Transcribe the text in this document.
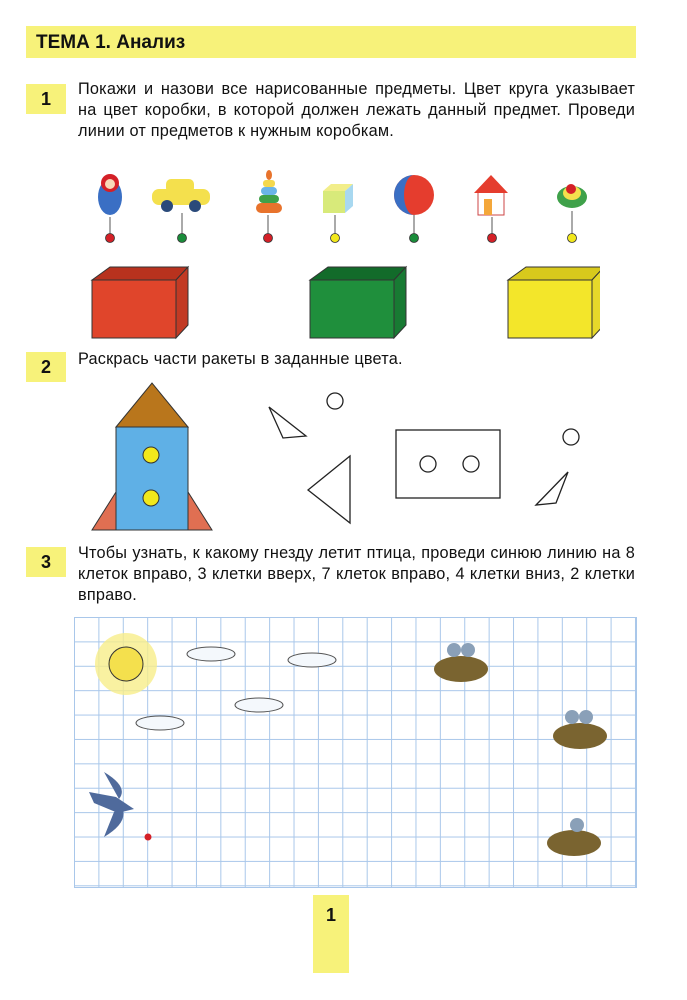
ТЕМА 1. Анализ
1	Покажи и назови все нарисованные предметы. Цвет круга указывает на цвет коробки, в которой должен лежать данный предмет. Проведи линии от предметов к нужным коробкам.
2	Раскрась части ракеты в заданные цвета.
3	Чтобы узнать, к какому гнезду летит птица, проведи синюю линию на 8 клеток вправо, 3 клетки вверх, 7 клеток вправо, 4 клетки вниз, 2 клетки вправо.
1
